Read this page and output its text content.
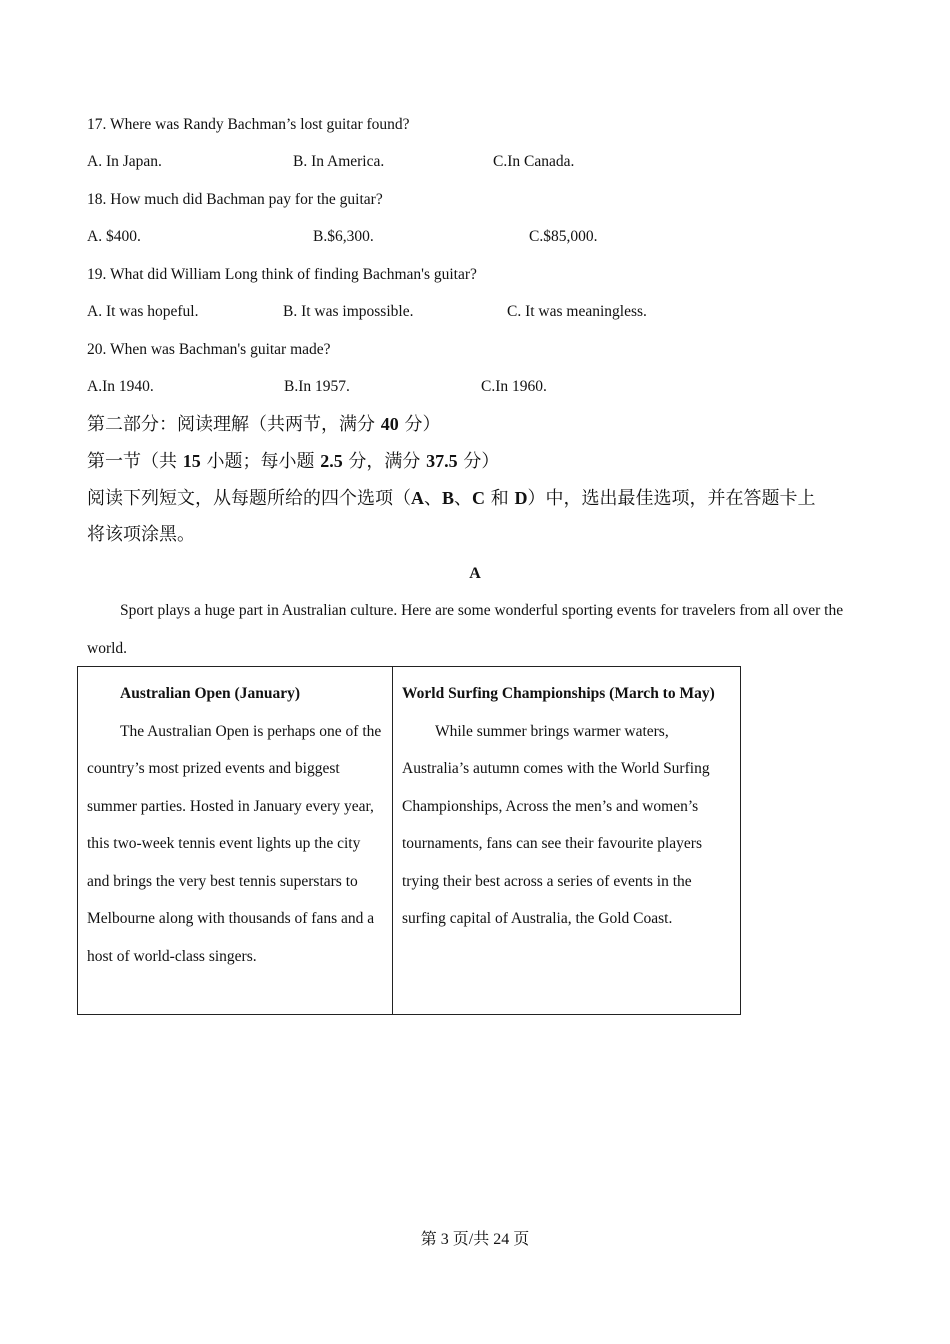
17. Where was Randy Bachman’s lost guitar found?
A. In Japan.	B. In America.	C.In Canada.
18. How much did Bachman pay for the guitar?
A. $400.	B.$6,300.	C.$85,000.
19. What did William Long think of finding Bachman's guitar?
A. It was hopeful.	B. It was impossible.	C. It was meaningless.
20. When was Bachman's guitar made?
A.In 1940.	B.In 1957.	C.In 1960.
第二部分：阅读理解（共两节，满分 40 分）
第一节（共 15 小题；每小题 2.5 分，满分 37.5 分）
阅读下列短文，从每题所给的四个选项（A、B、C 和 D）中，选出最佳选项，并在答题卡上
将该项涂黑。
A
Sport plays a huge part in Australian culture. Here are some wonderful sporting events for travelers from all over the world.
Australian Open (January)
The Australian Open is perhaps one of the country’s most prized events and biggest summer parties. Hosted in January every year, this two-week tennis event lights up the city and brings the very best tennis superstars to Melbourne along with thousands of fans and a host of world-class singers.
World Surfing Championships (March to May)
While summer brings warmer waters, Australia’s autumn comes with the World Surfing Championships, Across the men’s and women’s tournaments, fans can see their favourite players trying their best across a series of events in the surfing capital of Australia, the Gold Coast.
第 3 页/共 24 页
